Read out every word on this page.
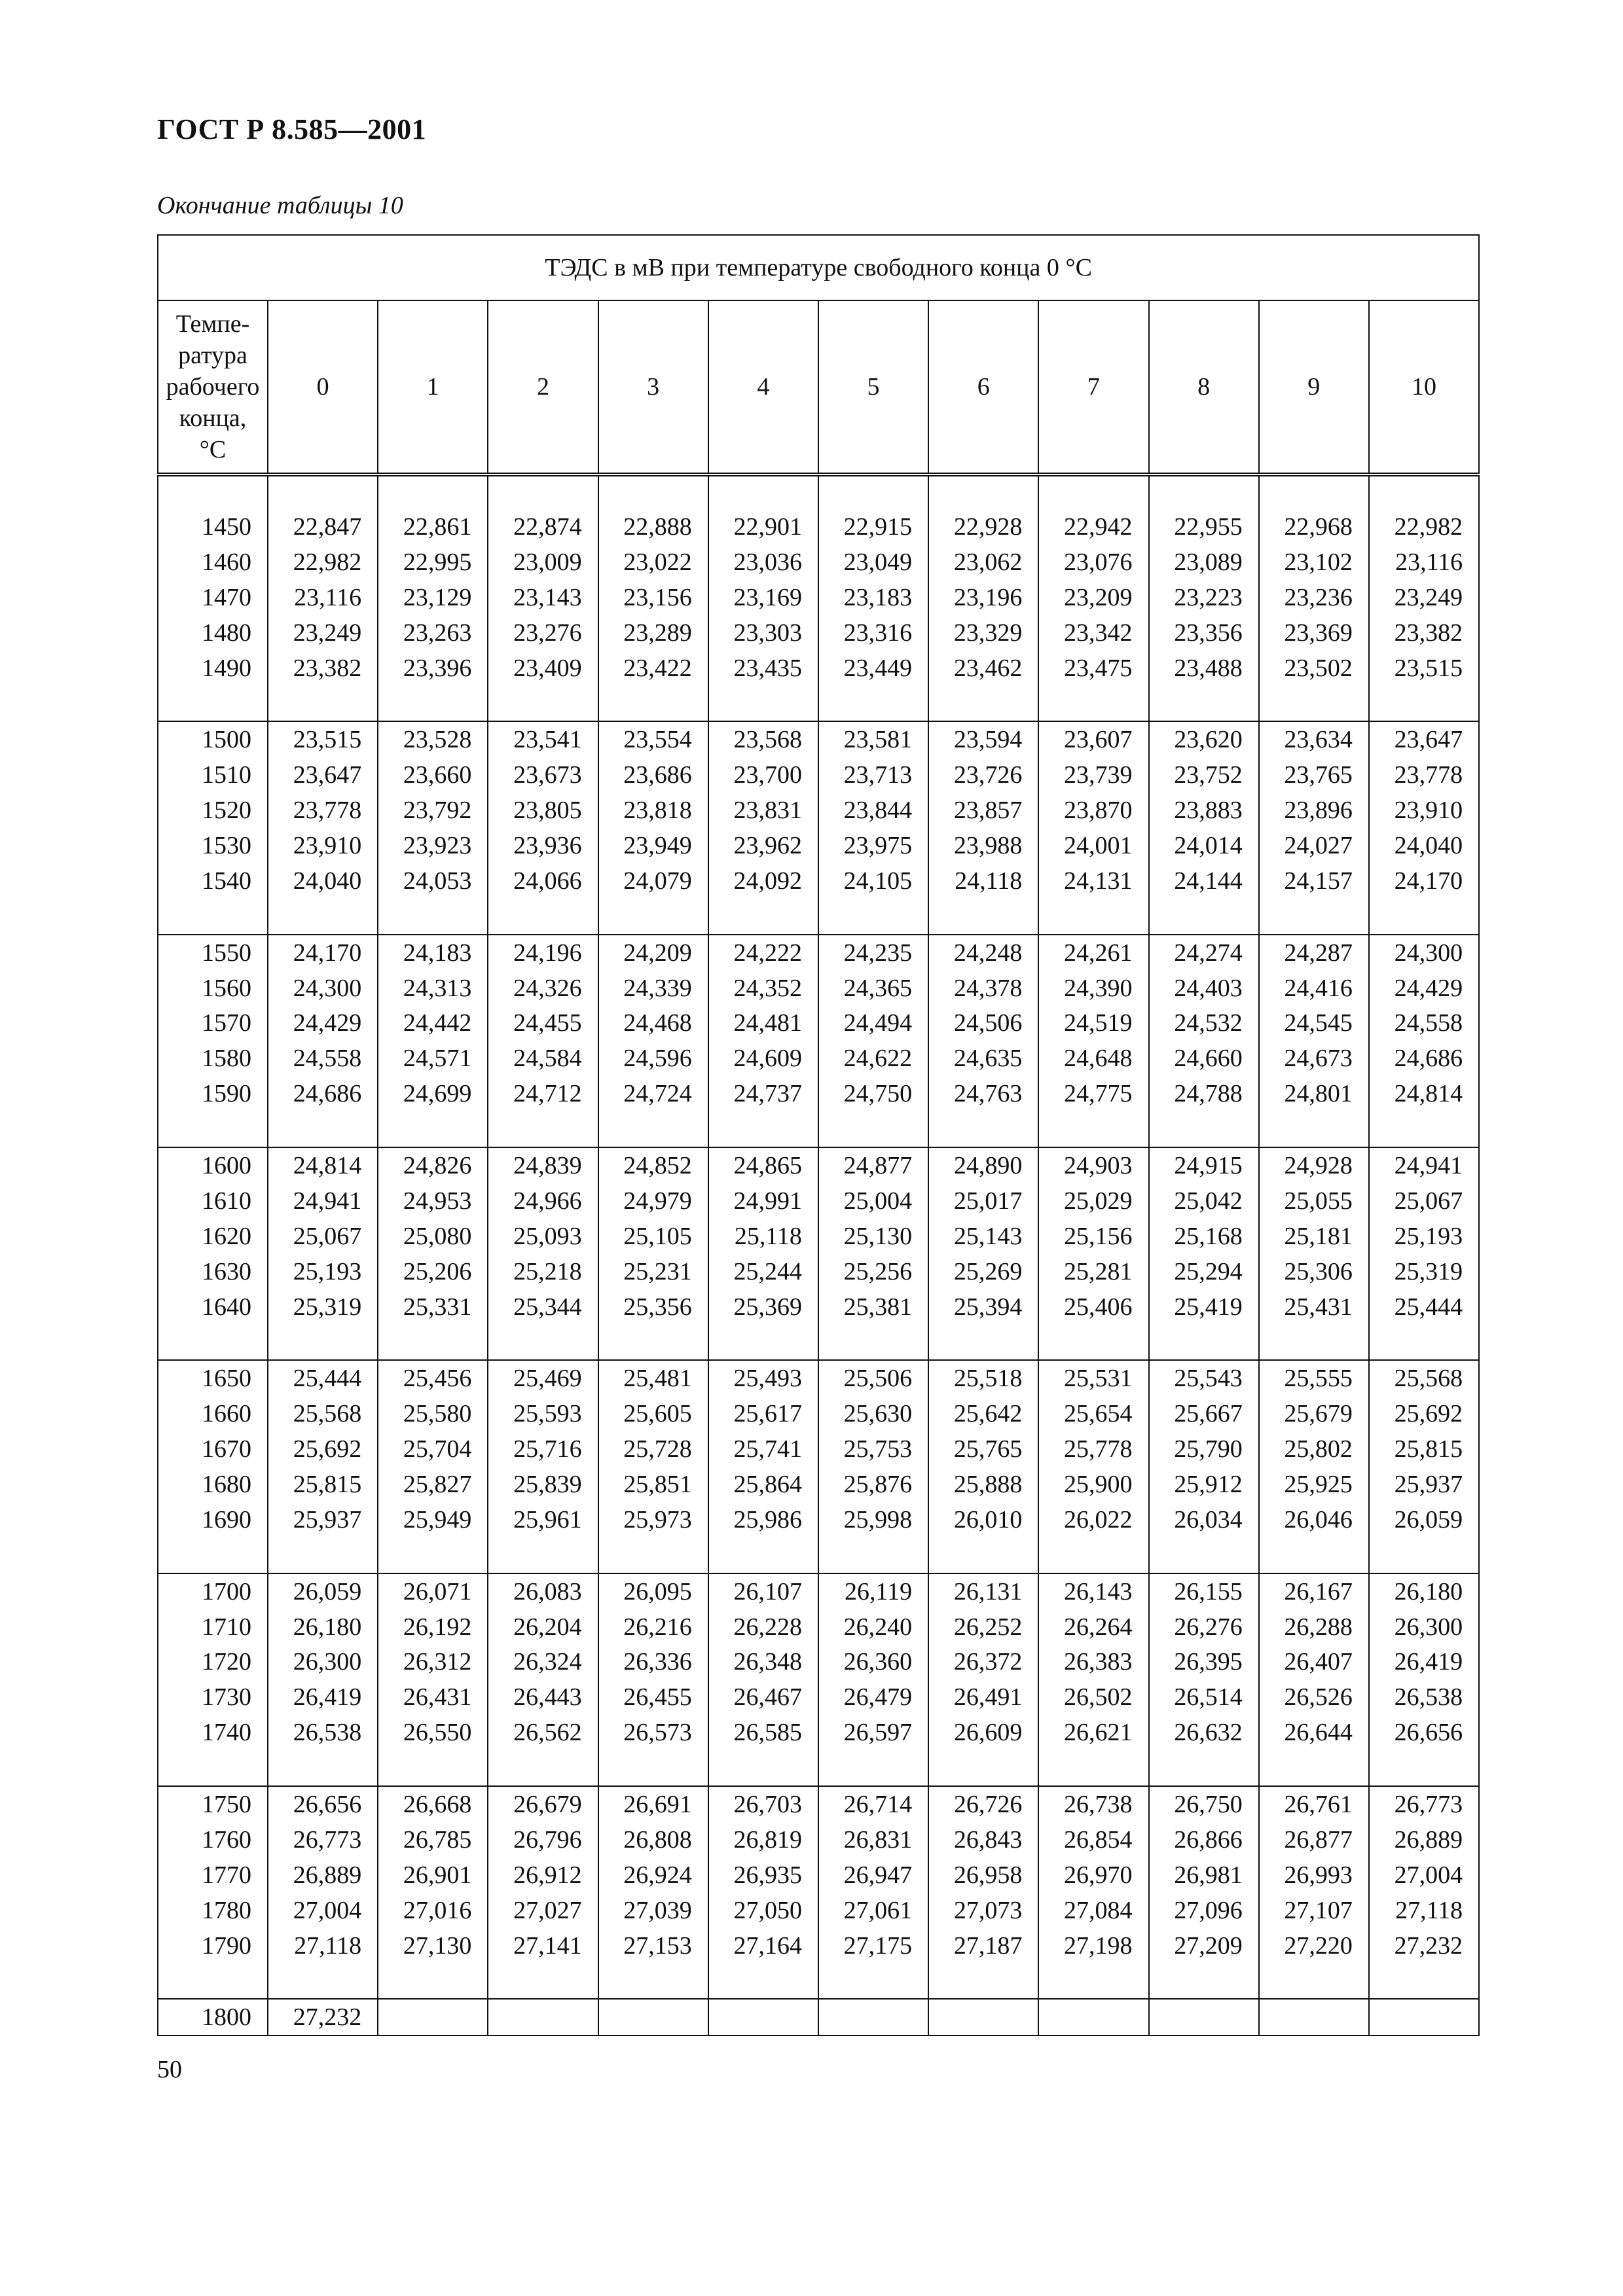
ГОСТ Р 8.585—2001
Окончание таблицы 10
ТЭДС в мВ при температуре свободного конца 0 °С											
Темпе-
ратура
рабочего
конца,
°С	0	1	2	3	4	5	6	7	8	9	10

1450	22,847	22,861	22,874	22,888	22,901	22,915	22,928	22,942	22,955	22,968	22,982
1460	22,982	22,995	23,009	23,022	23,036	23,049	23,062	23,076	23,089	23,102	23,116
1470	23,116	23,129	23,143	23,156	23,169	23,183	23,196	23,209	23,223	23,236	23,249
1480	23,249	23,263	23,276	23,289	23,303	23,316	23,329	23,342	23,356	23,369	23,382
1490	23,382	23,396	23,409	23,422	23,435	23,449	23,462	23,475	23,488	23,502	23,515

1500	23,515	23,528	23,541	23,554	23,568	23,581	23,594	23,607	23,620	23,634	23,647
1510	23,647	23,660	23,673	23,686	23,700	23,713	23,726	23,739	23,752	23,765	23,778
1520	23,778	23,792	23,805	23,818	23,831	23,844	23,857	23,870	23,883	23,896	23,910
1530	23,910	23,923	23,936	23,949	23,962	23,975	23,988	24,001	24,014	24,027	24,040
1540	24,040	24,053	24,066	24,079	24,092	24,105	24,118	24,131	24,144	24,157	24,170

1550	24,170	24,183	24,196	24,209	24,222	24,235	24,248	24,261	24,274	24,287	24,300
1560	24,300	24,313	24,326	24,339	24,352	24,365	24,378	24,390	24,403	24,416	24,429
1570	24,429	24,442	24,455	24,468	24,481	24,494	24,506	24,519	24,532	24,545	24,558
1580	24,558	24,571	24,584	24,596	24,609	24,622	24,635	24,648	24,660	24,673	24,686
1590	24,686	24,699	24,712	24,724	24,737	24,750	24,763	24,775	24,788	24,801	24,814

1600	24,814	24,826	24,839	24,852	24,865	24,877	24,890	24,903	24,915	24,928	24,941
1610	24,941	24,953	24,966	24,979	24,991	25,004	25,017	25,029	25,042	25,055	25,067
1620	25,067	25,080	25,093	25,105	25,118	25,130	25,143	25,156	25,168	25,181	25,193
1630	25,193	25,206	25,218	25,231	25,244	25,256	25,269	25,281	25,294	25,306	25,319
1640	25,319	25,331	25,344	25,356	25,369	25,381	25,394	25,406	25,419	25,431	25,444

1650	25,444	25,456	25,469	25,481	25,493	25,506	25,518	25,531	25,543	25,555	25,568
1660	25,568	25,580	25,593	25,605	25,617	25,630	25,642	25,654	25,667	25,679	25,692
1670	25,692	25,704	25,716	25,728	25,741	25,753	25,765	25,778	25,790	25,802	25,815
1680	25,815	25,827	25,839	25,851	25,864	25,876	25,888	25,900	25,912	25,925	25,937
1690	25,937	25,949	25,961	25,973	25,986	25,998	26,010	26,022	26,034	26,046	26,059

1700	26,059	26,071	26,083	26,095	26,107	26,119	26,131	26,143	26,155	26,167	26,180
1710	26,180	26,192	26,204	26,216	26,228	26,240	26,252	26,264	26,276	26,288	26,300
1720	26,300	26,312	26,324	26,336	26,348	26,360	26,372	26,383	26,395	26,407	26,419
1730	26,419	26,431	26,443	26,455	26,467	26,479	26,491	26,502	26,514	26,526	26,538
1740	26,538	26,550	26,562	26,573	26,585	26,597	26,609	26,621	26,632	26,644	26,656

1750	26,656	26,668	26,679	26,691	26,703	26,714	26,726	26,738	26,750	26,761	26,773
1760	26,773	26,785	26,796	26,808	26,819	26,831	26,843	26,854	26,866	26,877	26,889
1770	26,889	26,901	26,912	26,924	26,935	26,947	26,958	26,970	26,981	26,993	27,004
1780	27,004	27,016	27,027	27,039	27,050	27,061	27,073	27,084	27,096	27,107	27,118
1790	27,118	27,130	27,141	27,153	27,164	27,175	27,187	27,198	27,209	27,220	27,232

1800	27,232										
50
